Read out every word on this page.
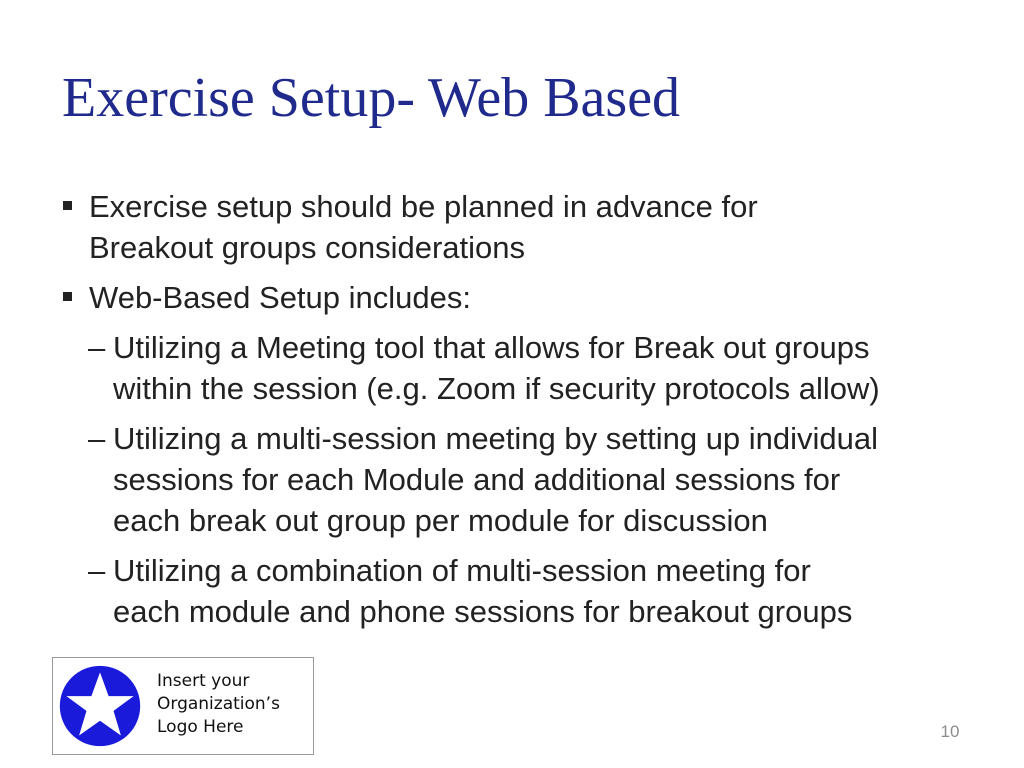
Exercise Setup- Web Based
Exercise setup should be planned in advance for
Breakout groups considerations
Web-Based Setup includes:
– Utilizing a Meeting tool that allows for Break out groups
within the session (e.g. Zoom if security protocols allow)
– Utilizing a multi-session meeting by setting up individual
sessions for each Module and additional sessions for
each break out group per module for discussion
– Utilizing a combination of multi-session meeting for
each module and phone sessions for breakout groups
Insert your
Organization’s
Logo Here	10
